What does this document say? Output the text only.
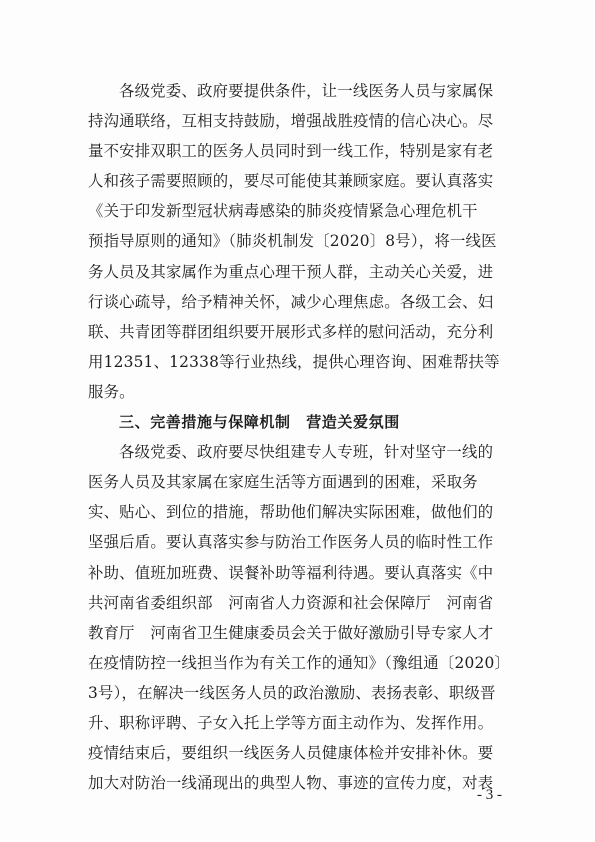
各级党委、政府要提供条件，让一线医务人员与家属保
持沟通联络，互相支持鼓励，增强战胜疫情的信心决心。尽
量不安排双职工的医务人员同时到一线工作，特别是家有老
人和孩子需要照顾的，要尽可能使其兼顾家庭。要认真落实
《关于印发新型冠状病毒感染的肺炎疫情紧急心理危机干
预指导原则的通知》（肺炎机制发〔2020〕8号），将一线医
务人员及其家属作为重点心理干预人群，主动关心关爱，进
行谈心疏导，给予精神关怀，减少心理焦虑。各级工会、妇
联、共青团等群团组织要开展形式多样的慰问活动，充分利
用12351、12338等行业热线，提供心理咨询、困难帮扶等
服务。
三、完善措施与保障机制　营造关爱氛围
各级党委、政府要尽快组建专人专班，针对坚守一线的
医务人员及其家属在家庭生活等方面遇到的困难，采取务
实、贴心、到位的措施，帮助他们解决实际困难，做他们的
坚强后盾。要认真落实参与防治工作医务人员的临时性工作
补助、值班加班费、误餐补助等福利待遇。要认真落实《中
共河南省委组织部　河南省人力资源和社会保障厅　河南省
教育厅　河南省卫生健康委员会关于做好激励引导专家人才
在疫情防控一线担当作为有关工作的通知》（豫组通〔2020〕
3号），在解决一线医务人员的政治激励、表扬表彰、职级晋
升、职称评聘、子女入托上学等方面主动作为、发挥作用。
疫情结束后，要组织一线医务人员健康体检并安排补休。要
加大对防治一线涌现出的典型人物、事迹的宣传力度，对表
- 3 -
